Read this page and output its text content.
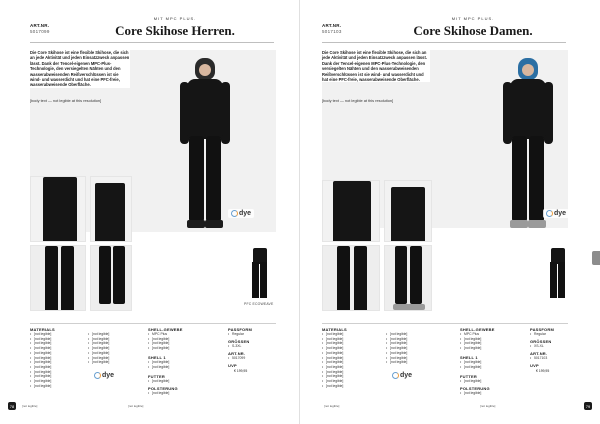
ART.NR.
5017099
MIT MPC PLUS.
Core Skihose Herren.
Die Core Skihose ist eine flexible Skihose, die sich an jede Aktivität und jeden Einsatzzweck anpassen lässt. Dank der Tencel-eigenen MPC-Plus-Technologie, den versiegelten Nähten und den wasserabweisenden Reißverschlüssen ist sie wind- und wasserdicht und hat eine PFC-freie, wasserabweisende Oberfläche.
[body text — not legible at this resolution]
dye
PFC ECOWEAVE
MATERIALS
• [not legible]
• [not legible]
• [not legible]
• [not legible]
• [not legible]
• [not legible]
• [not legible]
• [not legible]
• [not legible]
• [not legible]
• [not legible]
• [not legible]
• [not legible]
• [not legible]
• [not legible]
• [not legible]
• [not legible]
• [not legible]
• [not legible]
dye
SHELL-GEWEBE
• MPC Plus
• [not legible]
• [not legible]
• [not legible]
SHELL 1
• [not legible]
• [not legible]
FUTTER
• [not legible]
POLSTERUNG
• [not legible]
PASSFORM
• Regular
GRÖSSEN
• S-3XL
ART.NR.
• 5017099
UVP
€ 199,95
78	[not legible]	[not legible]
ART.NR.
5017103
MIT MPC PLUS.
Core Skihose Damen.
Die Core Skihose ist eine flexible Skihose, die sich an jede Aktivität und jeden Einsatzzweck anpassen lässt. Dank der Tencel-eigenen MPC-Plus-Technologie, den versiegelten Nähten und den wasserabweisenden Reißverschlüssen ist sie wind- und wasserdicht und hat eine PFC-freie, wasserabweisende Oberfläche.
[body text — not legible at this resolution]
dye
MATERIALS
• [not legible]
• [not legible]
• [not legible]
• [not legible]
• [not legible]
• [not legible]
• [not legible]
• [not legible]
• [not legible]
• [not legible]
• [not legible]
• [not legible]
• [not legible]
• [not legible]
• [not legible]
• [not legible]
• [not legible]
• [not legible]
• [not legible]
dye
SHELL-GEWEBE
• MPC Plus
• [not legible]
• [not legible]
• [not legible]
SHELL 1
• [not legible]
• [not legible]
FUTTER
• [not legible]
POLSTERUNG
• [not legible]
PASSFORM
• Regular
GRÖSSEN
• XS-XL
ART.NR.
• 5017103
UVP
€ 199,95
[not legible]	[not legible]	79
